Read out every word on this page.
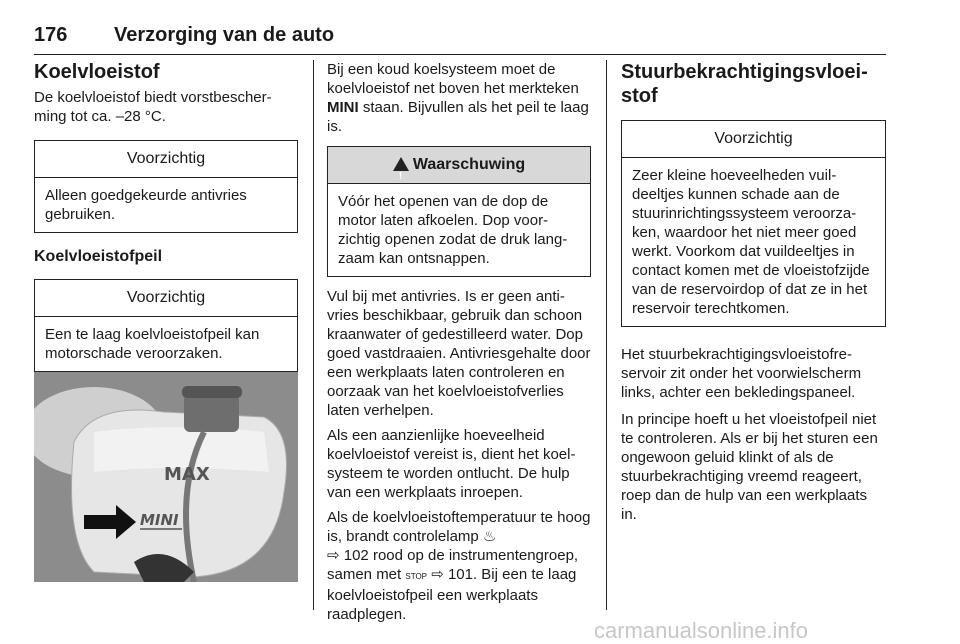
176 Verzorging van de auto
Koelvloeistof

De koelvloeistof biedt vorstbescherming tot ca. –28 °C.

Voorzichtig
Alleen goedgekeurde antivries gebruiken.
Koelvloeistofpeil
Voorzichtig
Een te laag koelvloeistofpeil kan motorschade veroorzaken.
MAX
MINI

Bij een koud koelsysteem moet de koelvloeistof net boven het merkteken MINI staan. Bijvullen als het peil te laag is.

!Waarschuwing
Vóór het openen van de dop de motor laten afkoelen. Dop voorzichtig openen zodat de druk langzaam kan ontsnappen.

Vul bij met antivries. Is er geen antivries beschikbaar, gebruik dan schoon kraanwater of gedestilleerd water. Dop goed vastdraaien. Antivriesgehalte door een werkplaats laten controleren en oorzaak van het koelvloeistofverlies laten verhelpen.

Als een aanzienlijke hoeveelheid koelvloeistof vereist is, dient het koelsysteem te worden ontlucht. De hulp van een werkplaats inroepen.

Als de koelvloeistoftemperatuur te hoog is, brandt controlelamp ♨
⇨ 102 rood op de instrumentengroep, samen met STOP ⇨ 101. Bij een te laag koelvloeistofpeil een werkplaats raadplegen.

Stuurbekrachtigingsvloeistof
Voorzichtig
Zeer kleine hoeveelheden vuildeeltjes kunnen schade aan de stuurinrichtingssysteem veroorzaken, waardoor het niet meer goed werkt. Voorkom dat vuildeeltjes in contact komen met de vloeistofzijde van de reservoirdop of dat ze in het reservoir terechtkomen.

Het stuurbekrachtigingsvloeistofreservoir zit onder het voorwielscherm links, achter een bekledingspaneel.

In principe hoeft u het vloeistofpeil niet te controleren. Als er bij het sturen een ongewoon geluid klinkt of als de stuurbekrachtiging vreemd reageert, roep dan de hulp van een werkplaats in.

carmanualsonline.info
